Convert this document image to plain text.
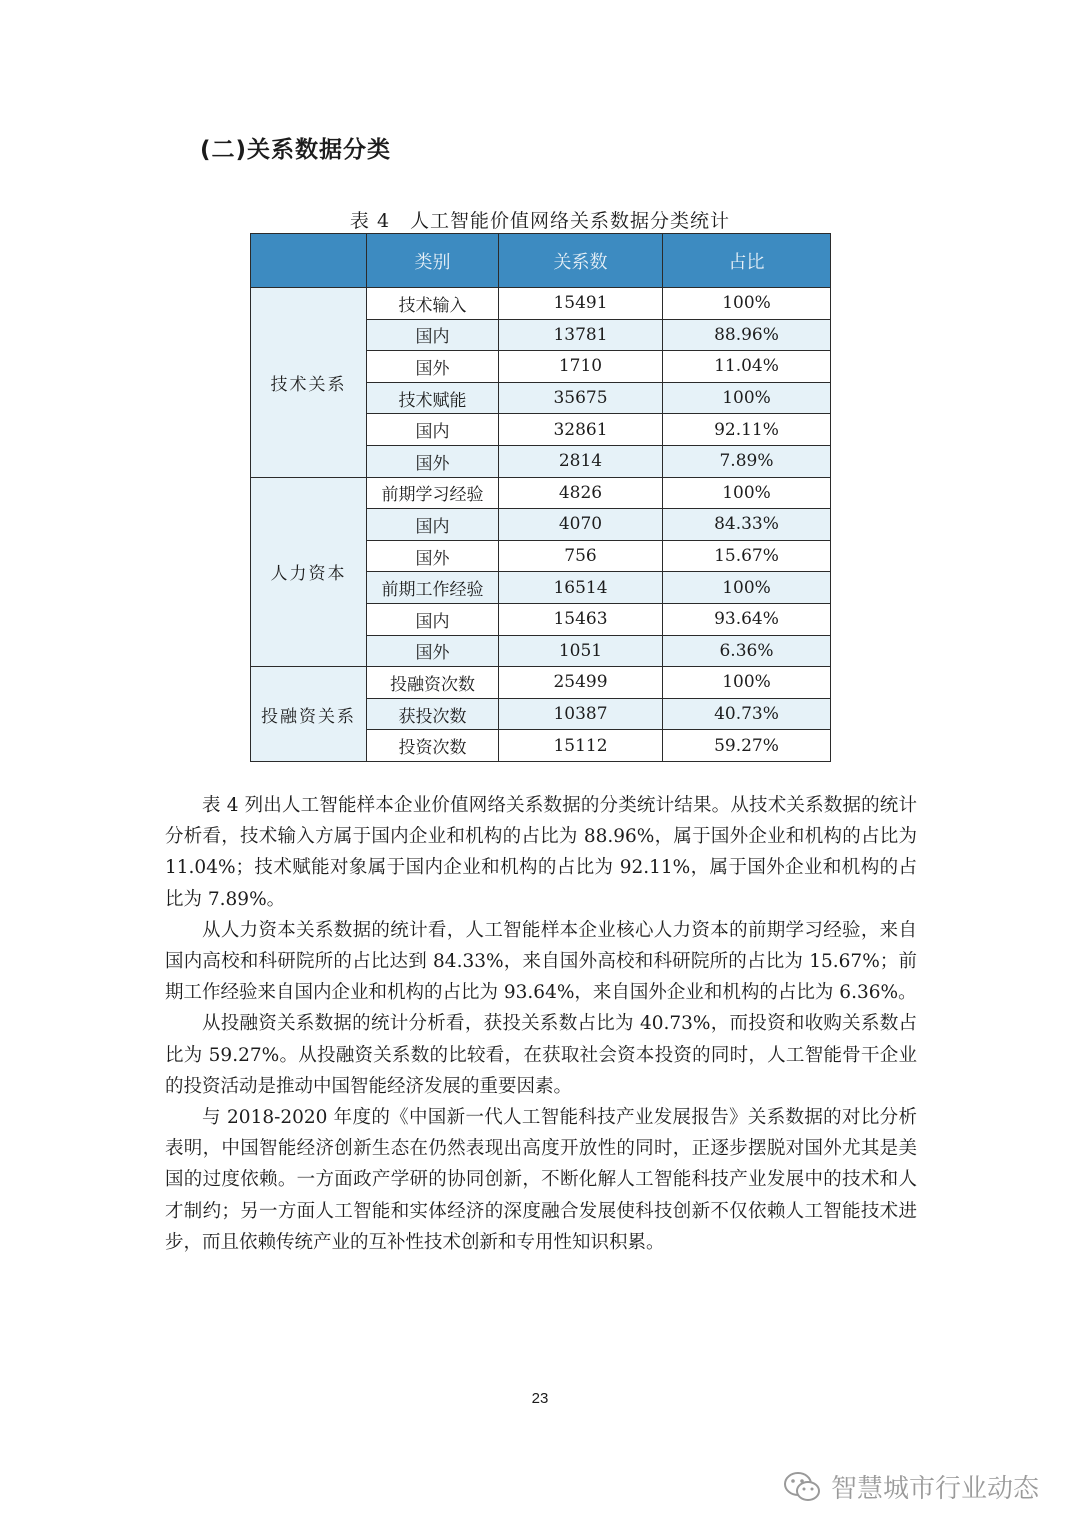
(二)关系数据分类
表 4　人工智能价值网络关系数据分类统计
	类别	关系数	占比
技术关系	技术输入	15491	100%
	国内	13781	88.96%
	国外	1710	11.04%
	技术赋能	35675	100%
	国内	32861	92.11%
	国外	2814	7.89%
人力资本	前期学习经验	4826	100%
	国内	4070	84.33%
	国外	756	15.67%
	前期工作经验	16514	100%
	国内	15463	93.64%
	国外	1051	6.36%
投融资关系	投融资次数	25499	100%
	获投次数	10387	40.73%
	投资次数	15112	59.27%

表 4 列出人工智能样本企业价值网络关系数据的分类统计结果。从技术关系数据的统计分析看，技术输入方属于国内企业和机构的占比为 88.96%，属于国外企业和机构的占比为 11.04%；技术赋能对象属于国内企业和机构的占比为 92.11%，属于国外企业和机构的占比为 7.89%。

从人力资本关系数据的统计看，人工智能样本企业核心人力资本的前期学习经验，来自国内高校和科研院所的占比达到 84.33%，来自国外高校和科研院所的占比为 15.67%；前期工作经验来自国内企业和机构的占比为 93.64%，来自国外企业和机构的占比为 6.36%。

从投融资关系数据的统计分析看，获投关系数占比为 40.73%，而投资和收购关系数占比为 59.27%。从投融资关系数的比较看，在获取社会资本投资的同时，人工智能骨干企业的投资活动是推动中国智能经济发展的重要因素。

与 2018-2020 年度的《中国新一代人工智能科技产业发展报告》关系数据的对比分析表明，中国智能经济创新生态在仍然表现出高度开放性的同时，正逐步摆脱对国外尤其是美国的过度依赖。一方面政产学研的协同创新，不断化解人工智能科技产业发展中的技术和人才制约；另一方面人工智能和实体经济的深度融合发展使科技创新不仅依赖人工智能技术进步，而且依赖传统产业的互补性技术创新和专用性知识积累。

23
智慧城市行业动态
